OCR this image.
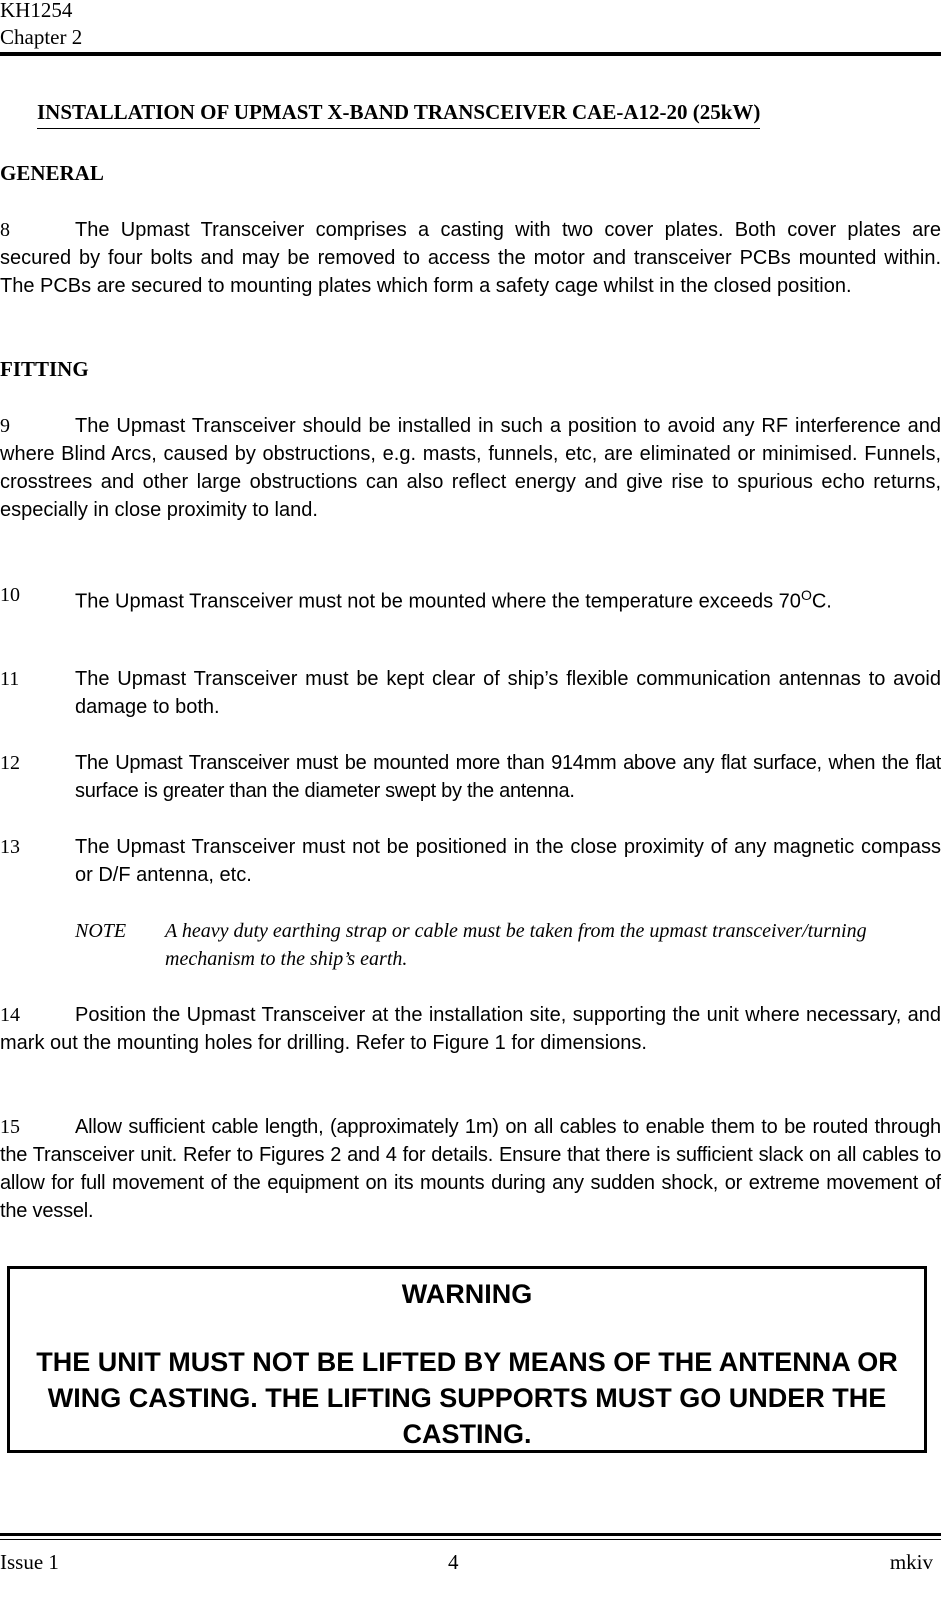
KH1254
Chapter 2
INSTALLATION OF UPMAST X-BAND TRANSCEIVER CAE-A12-20 (25kW)
GENERAL

8	The Upmast Transceiver comprises a casting with two cover plates. Both cover plates are secured by four bolts and may be removed to access the motor and transceiver PCBs mounted within. The PCBs are secured to mounting plates which form a safety cage whilst in the closed position.

FITTING

9	The Upmast Transceiver should be installed in such a position to avoid any RF interference and where Blind Arcs, caused by obstructions, e.g. masts, funnels, etc, are eliminated or minimised. Funnels, crosstrees and other large obstructions can also reflect energy and give rise to spurious echo returns, especially in close proximity to land.

10	The Upmast Transceiver must not be mounted where the temperature exceeds $70^OC$.

11	The Upmast Transceiver must be kept clear of ship’s flexible communication antennas to avoid damage to both.

12	The Upmast Transceiver must be mounted more than 914mm above any flat surface, when the flat surface is greater than the diameter swept by the antenna.

13	The Upmast Transceiver must not be positioned in the close proximity of any magnetic compass or D/F antenna, etc.

NOTE A heavy duty earthing strap or cable must be taken from the upmast transceiver/turning mechanism to the ship’s earth.

14	Position the Upmast Transceiver at the installation site, supporting the unit where necessary, and mark out the mounting holes for drilling. Refer to Figure 1 for dimensions.

15	Allow sufficient cable length, (approximately 1m) on all cables to enable them to be routed through the Transceiver unit. Refer to Figures 2 and 4 for details. Ensure that there is sufficient slack on all cables to allow for full movement of the equipment on its mounts during any sudden shock, or extreme movement of the vessel.

WARNING
THE UNIT MUST NOT BE LIFTED BY MEANS OF THE ANTENNA OR WING CASTING. THE LIFTING SUPPORTS MUST GO UNDER THE CASTING.
Issue 1	4	mkiv
